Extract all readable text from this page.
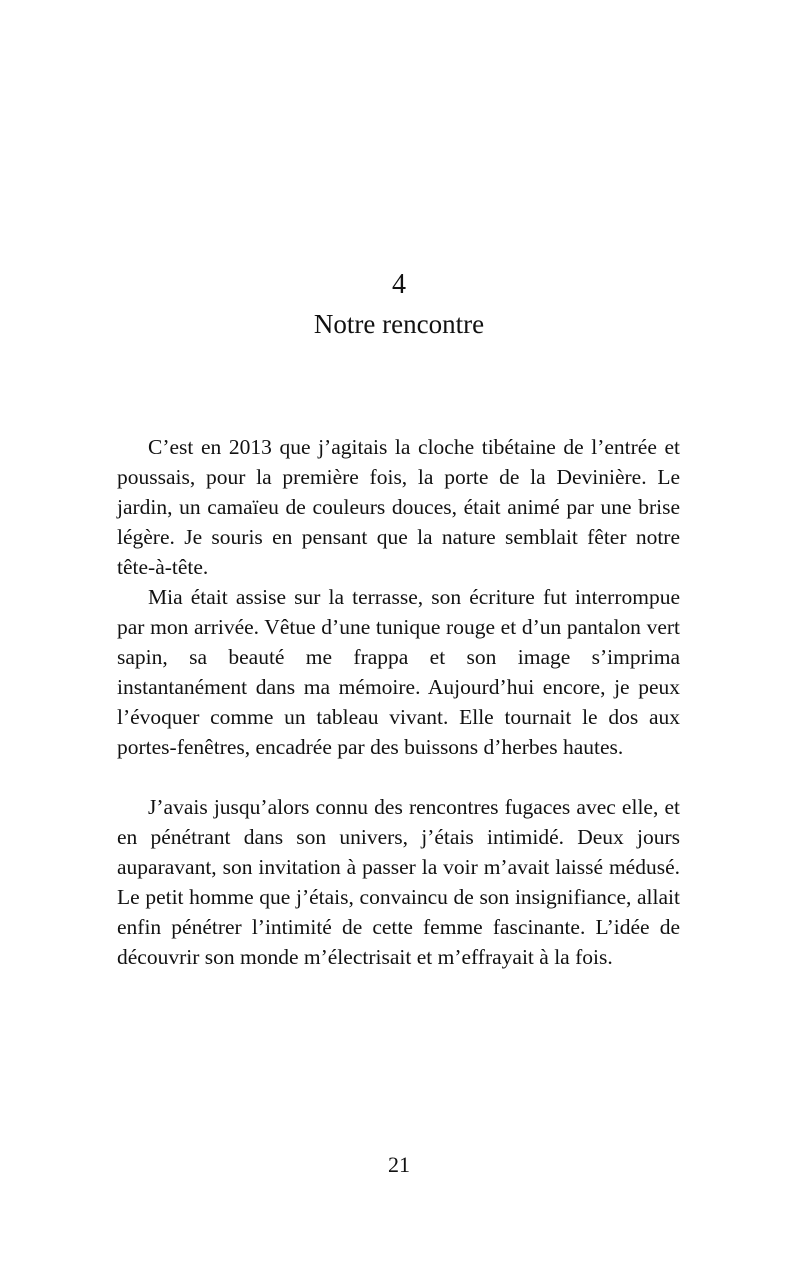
4
Notre rencontre

C’est en 2013 que j’agitais la cloche tibétaine de l’entrée et poussais, pour la première fois, la porte de la Devinière. Le jardin, un camaïeu de couleurs douces, était animé par une brise légère. Je souris en pensant que la nature semblait fêter notre tête-à-tête.

Mia était assise sur la terrasse, son écriture fut interrompue par mon arrivée. Vêtue d’une tunique rouge et d’un pantalon vert sapin, sa beauté me frappa et son image s’imprima instantanément dans ma mémoire. Aujourd’hui encore, je peux l’évoquer comme un tableau vivant. Elle tournait le dos aux portes-fenêtres, encadrée par des buissons d’herbes hautes.

J’avais jusqu’alors connu des rencontres fugaces avec elle, et en pénétrant dans son univers, j’étais intimidé. Deux jours auparavant, son invitation à passer la voir m’avait laissé médusé. Le petit homme que j’étais, convaincu de son insignifiance, allait enfin pénétrer l’intimité de cette femme fascinante. L’idée de découvrir son monde m’électrisait et m’effrayait à la fois.

21
